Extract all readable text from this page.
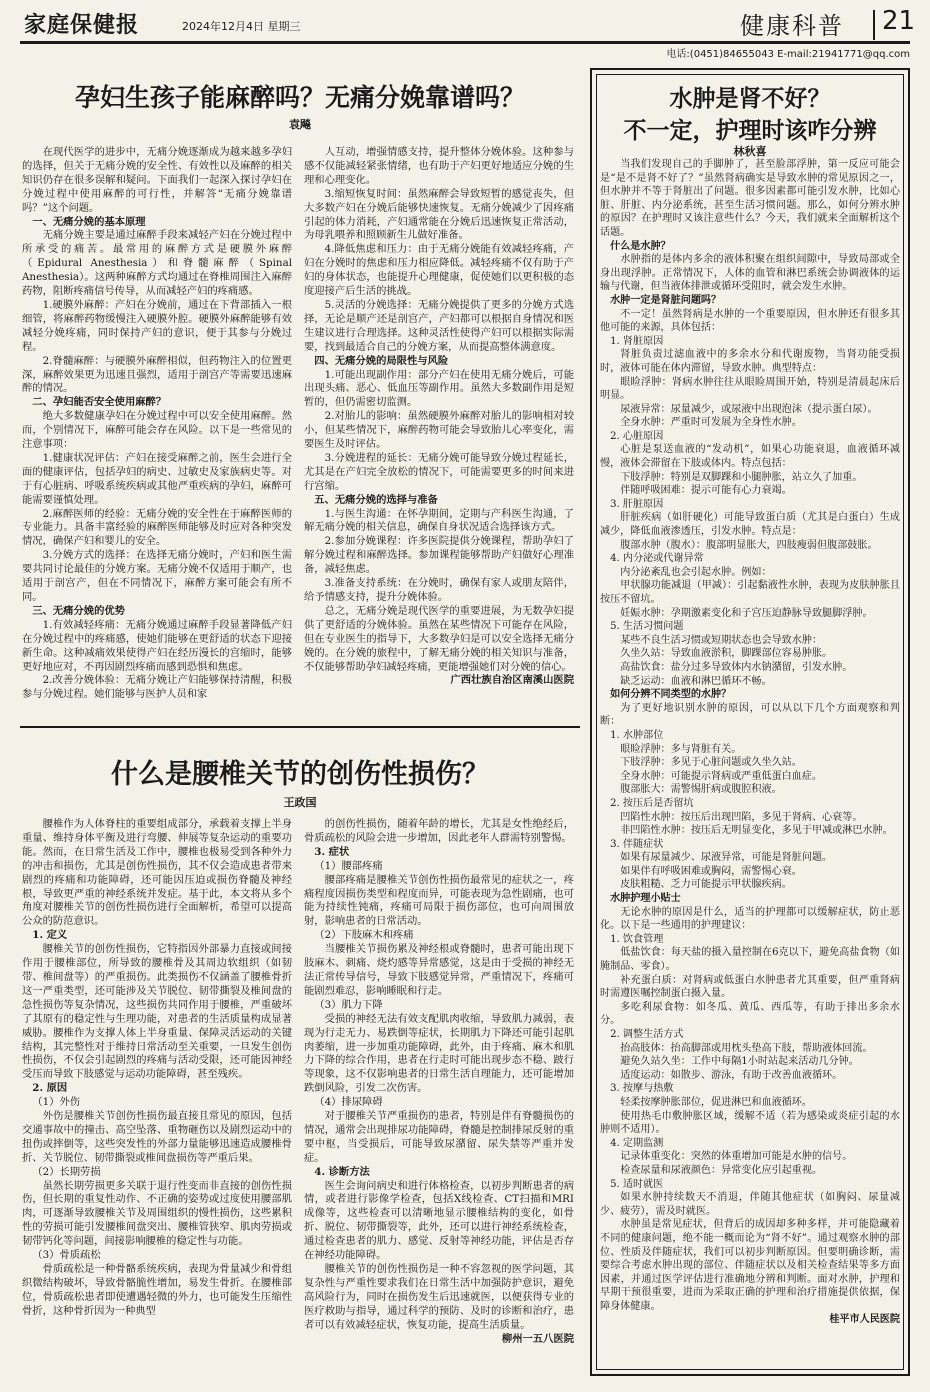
家庭保健报	2024年12月4日 星期三	健康科普 21
电话:(0451)84655043 E-mail:21941771@qq.com
孕妇生孩子能麻醉吗？无痛分娩靠谱吗？
袁飚

在现代医学的进步中，无痛分娩逐渐成为越来越多孕妇的选择，但关于无痛分娩的安全性、有效性以及麻醉的相关知识仍存在很多误解和疑问。下面我们一起深入探讨孕妇在分娩过程中使用麻醉的可行性，并解答“无痛分娩靠谱吗？”这个问题。

一、无痛分娩的基本原理

无痛分娩主要是通过麻醉手段来减轻产妇在分娩过程中所承受的痛苦。最常用的麻醉方式是硬膜外麻醉（Epidural Anesthesia）和脊髓麻醉（Spinal Anesthesia）。这两种麻醉方式均通过在脊椎周围注入麻醉药物，阻断疼痛信号传导，从而减轻产妇的疼痛感。

1.硬膜外麻醉：产妇在分娩前，通过在下背部插入一根细管，将麻醉药物缓慢注入硬膜外腔。硬膜外麻醉能够有效减轻分娩疼痛，同时保持产妇的意识，便于其参与分娩过程。

2.脊髓麻醉：与硬膜外麻醉相似，但药物注入的位置更深，麻醉效果更为迅速且强烈，适用于剖宫产等需要迅速麻醉的情况。

二、孕妇能否安全使用麻醉？

绝大多数健康孕妇在分娩过程中可以安全使用麻醉。然而，个别情况下，麻醉可能会存在风险。以下是一些常见的注意事项：

1.健康状况评估：产妇在接受麻醉之前，医生会进行全面的健康评估，包括孕妇的病史、过敏史及家族病史等。对于有心脏病、呼吸系统疾病或其他严重疾病的孕妇，麻醉可能需要谨慎处理。

2.麻醉医师的经验：无痛分娩的安全性在于麻醉医师的专业能力。具备丰富经验的麻醉医师能够及时应对各种突发情况，确保产妇和婴儿的安全。

3.分娩方式的选择：在选择无痛分娩时，产妇和医生需要共同讨论最佳的分娩方案。无痛分娩不仅适用于顺产，也适用于剖宫产，但在不同情况下，麻醉方案可能会有所不同。

三、无痛分娩的优势

1.有效减轻疼痛：无痛分娩通过麻醉手段显著降低产妇在分娩过程中的疼痛感，使她们能够在更舒适的状态下迎接新生命。这种减痛效果使得产妇在经历漫长的宫缩时，能够更好地应对，不再因剧烈疼痛而感到恐惧和焦虑。

2.改善分娩体验：无痛分娩让产妇能够保持清醒，积极参与分娩过程。她们能够与医护人员和家

人互动，增强情感支持，提升整体分娩体验。这种参与感不仅能减轻紧张情绪，也有助于产妇更好地适应分娩的生理和心理变化。

3.缩短恢复时间：虽然麻醉会导致短暂的感觉丧失，但大多数产妇在分娩后能够快速恢复。无痛分娩减少了因疼痛引起的体力消耗，产妇通常能在分娩后迅速恢复正常活动，为母乳喂养和照顾新生儿做好准备。

4.降低焦虑和压力：由于无痛分娩能有效减轻疼痛，产妇在分娩时的焦虑和压力相应降低。减轻疼痛不仅有助于产妇的身体状态，也能提升心理健康，促使她们以更积极的态度迎接产后生活的挑战。

5.灵活的分娩选择：无痛分娩提供了更多的分娩方式选择，无论是顺产还是剖宫产，产妇都可以根据自身情况和医生建议进行合理选择。这种灵活性使得产妇可以根据实际需要，找到最适合自己的分娩方案，从而提高整体满意度。

四、无痛分娩的局限性与风险

1.可能出现副作用：部分产妇在使用无痛分娩后，可能出现头痛、恶心、低血压等副作用。虽然大多数副作用是短暂的，但仍需密切监测。

2.对胎儿的影响：虽然硬膜外麻醉对胎儿的影响相对较小，但某些情况下，麻醉药物可能会导致胎儿心率变化，需要医生及时评估。

3.分娩进程的延长：无痛分娩可能导致分娩过程延长，尤其是在产妇完全放松的情况下，可能需要更多的时间来进行宫缩。

五、无痛分娩的选择与准备

1.与医生沟通：在怀孕期间，定期与产科医生沟通，了解无痛分娩的相关信息，确保自身状况适合选择该方式。

2.参加分娩课程：许多医院提供分娩课程，帮助孕妇了解分娩过程和麻醉选择。参加课程能够帮助产妇做好心理准备，减轻焦虑。

3.准备支持系统：在分娩时，确保有家人或朋友陪伴，给予情感支持，提升分娩体验。

总之，无痛分娩是现代医学的重要进展，为无数孕妇提供了更舒适的分娩体验。虽然在某些情况下可能存在风险，但在专业医生的指导下，大多数孕妇是可以安全选择无痛分娩的。在分娩的旅程中，了解无痛分娩的相关知识与准备，不仅能够帮助孕妇减轻疼痛，更能增强她们对分娩的信心。

广西壮族自治区南溪山医院

什么是腰椎关节的创伤性损伤？
王政国

腰椎作为人体脊柱的重要组成部分，承载着支撑上半身重量、维持身体平衡及进行弯腰、伸展等复杂运动的重要功能。然而，在日常生活及工作中，腰椎也极易受到各种外力的冲击和损伤，尤其是创伤性损伤，其不仅会造成患者带来剧烈的疼痛和功能障碍，还可能因压迫或损伤脊髓及神经根，导致更严重的神经系统并发症。基于此，本文将从多个角度对腰椎关节的创伤性损伤进行全面解析，希望可以提高公众的防范意识。

1. 定义

腰椎关节的创伤性损伤，它特指因外部暴力直接或间接作用于腰椎部位，所导致的腰椎骨及其周边软组织（如韧带、椎间盘等）的严重损伤。此类损伤不仅涵盖了腰椎骨折这一严重类型，还可能涉及关节脱位、韧带撕裂及椎间盘的急性损伤等复杂情况，这些损伤共同作用于腰椎，严重破坏了其原有的稳定性与生理功能，对患者的生活质量构成显著威胁。腰椎作为支撑人体上半身重量、保障灵活运动的关键结构，其完整性对于维持日常活动至关重要，一旦发生创伤性损伤，不仅会引起剧烈的疼痛与活动受限，还可能因神经受压而导致下肢感觉与运动功能障碍，甚至残疾。

2. 原因

（1）外伤

外伤是腰椎关节创伤性损伤最直接且常见的原因，包括交通事故中的撞击、高空坠落、重物砸伤以及剧烈运动中的扭伤或摔倒等，这些突发性的外部力量能够迅速造成腰椎骨折、关节脱位、韧带撕裂或椎间盘损伤等严重后果。

（2）长期劳损

虽然长期劳损更多关联于退行性变而非直接的创伤性损伤，但长期的重复性动作、不正确的姿势或过度使用腰部肌肉，可逐渐导致腰椎关节及周围组织的慢性损伤，这些累积性的劳损可能引发腰椎间盘突出、腰椎管狭窄、肌肉劳损或韧带钙化等问题，间接影响腰椎的稳定性与功能。

（3）骨质疏松

骨质疏松是一种骨骼系统疾病，表现为骨量减少和骨组织微结构破坏，导致骨骼脆性增加，易发生骨折。在腰椎部位，骨质疏松患者即使遭遇轻微的外力，也可能发生压缩性骨折，这种骨折因为一种典型

的创伤性损伤，随着年龄的增长，尤其是女性绝经后，骨质疏松的风险会进一步增加，因此老年人群需特别警惕。

3. 症状

（1）腰部疼痛

腰部疼痛是腰椎关节创伤性损伤最常见的症状之一，疼痛程度因损伤类型和程度而异，可能表现为急性剧痛，也可能为持续性钝痛，疼痛可局限于损伤部位，也可向周围放射，影响患者的日常活动。

（2）下肢麻木和疼痛

当腰椎关节损伤累及神经根或脊髓时，患者可能出现下肢麻木、刺痛、烧灼感等异常感觉，这是由于受损的神经无法正常传导信号，导致下肢感觉异常，严重情况下，疼痛可能剧烈难忍，影响睡眠和行走。

（3）肌力下降

受损的神经无法有效支配肌肉收缩，导致肌力减弱，表现为行走无力、易跌倒等症状，长期肌力下降还可能引起肌肉萎缩，进一步加重功能障碍，此外，由于疼痛、麻木和肌力下降的综合作用，患者在行走时可能出现步态不稳、跛行等现象，这不仅影响患者的日常生活自理能力，还可能增加跌倒风险，引发二次伤害。

（4）排尿障碍

对于腰椎关节严重损伤的患者，特别是伴有脊髓损伤的情况，通常会出现排尿功能障碍，脊髓是控制排尿反射的重要中枢，当受损后，可能导致尿潴留、尿失禁等严重并发症。

4. 诊断方法

医生会询问病史和进行体格检查，以初步判断患者的病情，或者进行影像学检查，包括X线检查、CT扫描和MRI成像等，这些检查可以清晰地显示腰椎结构的变化，如骨折、脱位、韧带撕裂等，此外，还可以进行神经系统检查，通过检查患者的肌力、感觉、反射等神经功能，评估是否存在神经功能障碍。

腰椎关节的创伤性损伤是一种不容忽视的医学问题，其复杂性与严重性要求我们在日常生活中加强防护意识，避免高风险行为，同时在损伤发生后迅速就医，以便获得专业的医疗救助与指导，通过科学的预防、及时的诊断和治疗，患者可以有效减轻症状，恢复功能，提高生活质量。

柳州一五八医院

水肿是肾不好？
不一定，护理时该咋分辨
林秋喜

当我们发现自己的手脚肿了，甚至脸部浮肿，第一反应可能会是“是不是肾不好了？”虽然肾病确实是导致水肿的常见原因之一，但水肿并不等于肾脏出了问题。很多因素都可能引发水肿，比如心脏、肝脏、内分泌系统，甚至生活习惯问题。那么，如何分辨水肿的原因？在护理时又该注意些什么？今天，我们就来全面解析这个话题。

什么是水肿？

水肿指的是体内多余的液体积聚在组织间隙中，导致局部或全身出现浮肿。正常情况下，人体的血管和淋巴系统会协调液体的运输与代谢，但当液体排泄或循环受阻时，就会发生水肿。

水肿一定是肾脏问题吗？

不一定！虽然肾病是水肿的一个重要原因，但水肿还有很多其他可能的来源，具体包括：

1. 肾脏原因

肾脏负责过滤血液中的多余水分和代谢废物，当肾功能受损时，液体可能在体内滞留，导致水肿。典型特点：

眼睑浮肿：肾病水肿往往从眼睑周围开始，特别是清晨起床后明显。

尿液异常：尿量减少，或尿液中出现泡沫（提示蛋白尿）。

全身水肿：严重时可发展为全身性水肿。

2. 心脏原因

心脏是泵送血液的“发动机”，如果心功能衰退，血液循环减慢，液体会滞留在下肢或体内。特点包括：

下肢浮肿：特别是双脚踝和小腿肿胀，站立久了加重。

伴随呼吸困难：提示可能有心力衰竭。

3. 肝脏原因

肝脏疾病（如肝硬化）可能导致蛋白质（尤其是白蛋白）生成减少，降低血液渗透压，引发水肿。特点是：

腹部水肿（腹水）：腹部明显胀大，四肢瘦弱但腹部鼓胀。

4. 内分泌或代谢异常

内分泌紊乱也会引起水肿。例如：

甲状腺功能减退（甲减）：引起黏液性水肿，表现为皮肤肿胀且按压不留坑。

妊娠水肿：孕期激素变化和子宫压迫静脉导致腿脚浮肿。

5. 生活习惯问题

某些不良生活习惯或短期状态也会导致水肿：

久坐久站：导致血液淤积，脚踝部位容易肿胀。

高盐饮食：盐分过多导致体内水钠潴留，引发水肿。

缺乏运动：血液和淋巴循环不畅。

如何分辨不同类型的水肿？

为了更好地识别水肿的原因，可以从以下几个方面观察和判断：

1. 水肿部位

眼睑浮肿：多与肾脏有关。

下肢浮肿：多见于心脏问题或久坐久站。

全身水肿：可能提示肾病或严重低蛋白血症。

腹部胀大：需警惕肝病或腹腔积液。

2. 按压后是否留坑

凹陷性水肿：按压后出现凹陷，多见于肾病、心衰等。

非凹陷性水肿：按压后无明显变化，多见于甲减或淋巴水肿。

3. 伴随症状

如果有尿量减少、尿液异常，可能是肾脏问题。

如果伴有呼吸困难或胸闷，需警惕心衰。

皮肤粗糙、乏力可能提示甲状腺疾病。

水肿护理小贴士

无论水肿的原因是什么，适当的护理都可以缓解症状，防止恶化。以下是一些通用的护理建议：

1. 饮食管理

低盐饮食：每天盐的摄入量控制在6克以下，避免高盐食物（如腌制品、零食）。

补充蛋白质：对肾病或低蛋白水肿患者尤其重要，但严重肾病时需遵医嘱控制蛋白摄入量。

多吃利尿食物：如冬瓜、黄瓜、西瓜等，有助于排出多余水分。

2. 调整生活方式

抬高肢体：抬高脚部或用枕头垫高下肢，帮助液体回流。

避免久站久坐：工作中每隔1小时站起来活动几分钟。

适度运动：如散步、游泳，有助于改善血液循环。

3. 按摩与热敷

轻柔按摩肿胀部位，促进淋巴和血液循环。

使用热毛巾敷肿胀区域，缓解不适（若为感染或炎症引起的水肿则不适用）。

4. 定期监测

记录体重变化：突然的体重增加可能是水肿的信号。

检查尿量和尿液颜色：异常变化应引起重视。

5. 适时就医

如果水肿持续数天不消退，伴随其他症状（如胸闷、尿量减少、疲劳），需及时就医。

水肿虽是常见症状，但背后的成因却多种多样，并可能隐藏着不同的健康问题，绝不能一概而论为“肾不好”。通过观察水肿的部位、性质及伴随症状，我们可以初步判断原因。但要明确诊断，需要综合考虑水肿出现的部位、伴随症状以及相关检查结果等多方面因素，并通过医学评估进行准确地分辨和判断。面对水肿，护理和早期干预很重要，进而为采取正确的护理和治疗措施提供依据，保障身体健康。

桂平市人民医院
